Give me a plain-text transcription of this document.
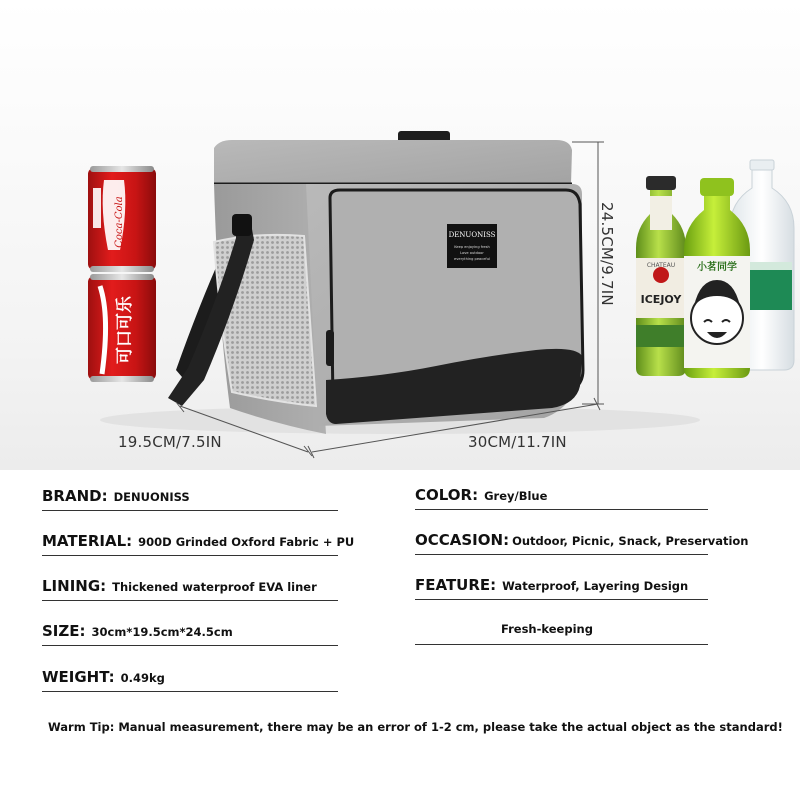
Coca-Cola
可口可乐
CHATEAU
ICEJOY
小茗同学
DENUONISS
Keep enjoying fresh
Love outdoor
everything peaceful
19.5CM/7.5IN	30CM/11.7IN
24.5CM/9.7IN
BRAND: DENUONISS
MATERIAL: 900D Grinded Oxford Fabric + PU
LINING: Thickened waterproof EVA liner
SIZE: 30cm*19.5cm*24.5cm
WEIGHT: 0.49kg
COLOR: Grey/Blue
OCCASION: Outdoor, Picnic, Snack, Preservation
FEATURE: Waterproof, Layering Design
Fresh-keeping
Warm Tip: Manual measurement, there may be an error of 1-2 cm, please take the actual object as the standard!
